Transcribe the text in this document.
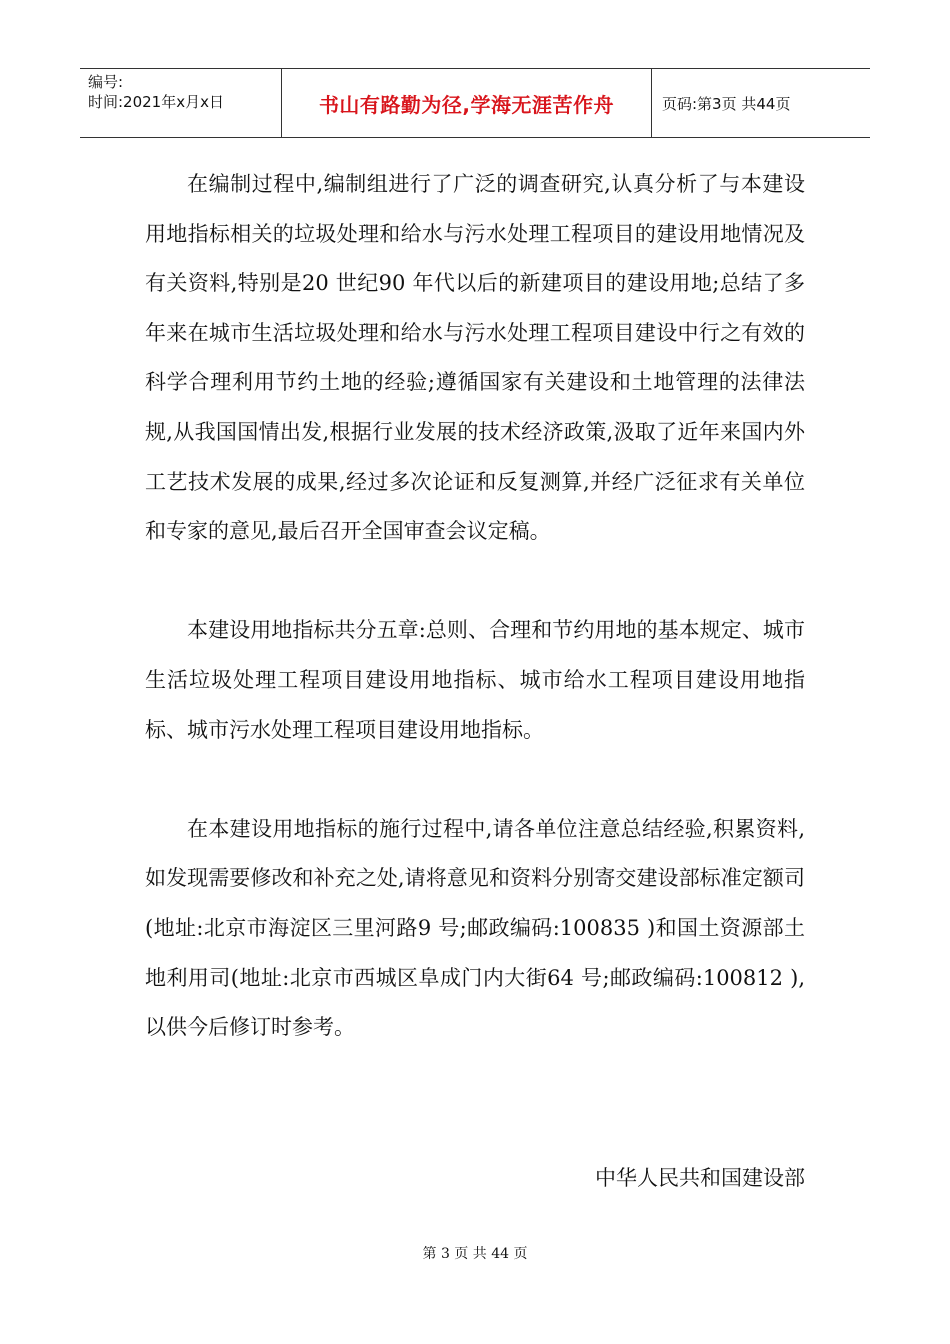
编号:
时间:2021年x月x日	书山有路勤为径,学海无涯苦作舟	页码:第3页 共44页

在编制过程中,编制组进行了广泛的调查研究,认真分析了与本建设用地指标相关的垃圾处理和给水与污水处理工程项目的建设用地情况及有关资料,特别是20 世纪90 年代以后的新建项目的建设用地;总结了多年来在城市生活垃圾处理和给水与污水处理工程项目建设中行之有效的科学合理利用节约土地的经验;遵循国家有关建设和土地管理的法律法规,从我国国情出发,根据行业发展的技术经济政策,汲取了近年来国内外工艺技术发展的成果,经过多次论证和反复测算,并经广泛征求有关单位和专家的意见,最后召开全国审查会议定稿。

本建设用地指标共分五章:总则、合理和节约用地的基本规定、城市生活垃圾处理工程项目建设用地指标、城市给水工程项目建设用地指标、城市污水处理工程项目建设用地指标。

在本建设用地指标的施行过程中,请各单位注意总结经验,积累资料,如发现需要修改和补充之处,请将意见和资料分别寄交建设部标准定额司(地址:北京市海淀区三里河路9 号;邮政编码:100835 )和国土资源部土地利用司(地址:北京市西城区阜成门内大街64 号;邮政编码:100812 ),以供今后修订时参考。

中华人民共和国建设部
第 3 页 共 44 页
